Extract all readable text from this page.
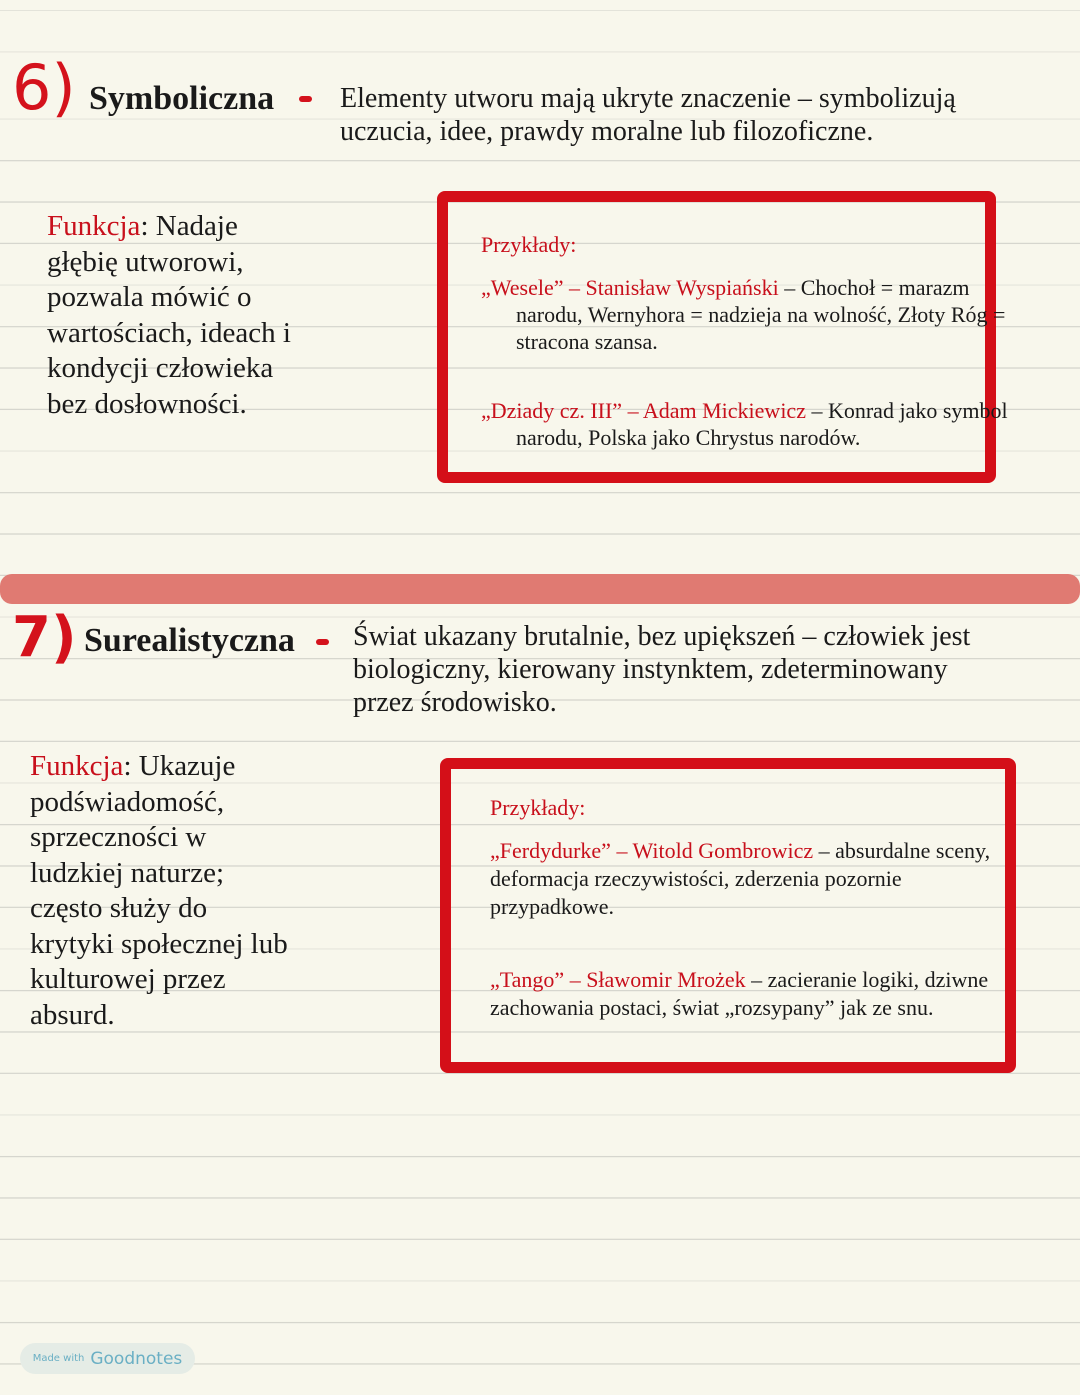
6) Symboliczna Elementy utworu mają ukryte znaczenie – symbolizują uczucia, idee, prawdy moralne lub filozoficzne.
Funkcja: Nadaje głębię utworowi, pozwala mówić o wartościach, ideach i kondycji człowieka bez dosłowności.
Przykłady:
„Wesele” – Stanisław Wyspiański – Chochoł = marazm narodu, Wernyhora = nadzieja na wolność, Złoty Róg = stracona szansa.
„Dziady cz. III” – Adam Mickiewicz – Konrad jako symbol narodu, Polska jako Chrystus narodów.
7) Surealistyczna Świat ukazany brutalnie, bez upiększeń – człowiek jest biologiczny, kierowany instynktem, zdeterminowany przez środowisko.
Funkcja: Ukazuje podświadomość, sprzeczności w ludzkiej naturze; często służy do krytyki społecznej lub kulturowej przez absurd.
Przykłady:
„Ferdydurke” – Witold Gombrowicz – absurdalne sceny, deformacja rzeczywistości, zderzenia pozornie przypadkowe.
„Tango” – Sławomir Mrożek – zacieranie logiki, dziwne zachowania postaci, świat „rozsypany” jak ze snu.
Made with Goodnotes
